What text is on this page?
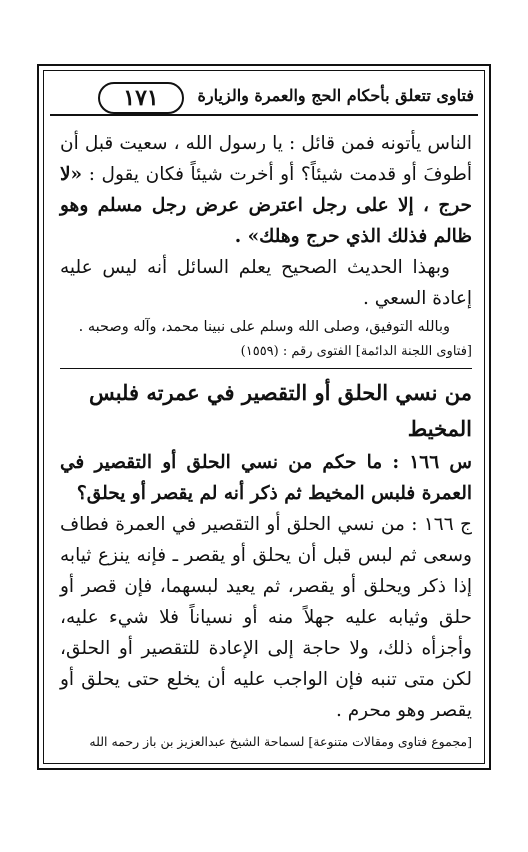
فتاوى تتعلق بأحكام الحج والعمرة والزيارة
١٧١

الناس يأتونه فمن قائل : يا رسول الله ، سعيت قبل أن أطوفَ أو قدمت شيئاً؟ أو أخرت شيئاً فكان يقول : «لا حرج ، إلا على رجل اعترض عرض رجل مسلم وهو ظالم فذلك الذي حرج وهلك» .

وبهذا الحديث الصحيح يعلم السائل أنه ليس عليه إعادة السعي .

وبالله التوفيق، وصلى الله وسلم على نبينا محمد، وآله وصحبه .

[فتاوى اللجنة الدائمة] الفتوى رقم : (١٥٥٩)

من نسي الحلق أو التقصير في عمرته فلبس المخيط

س ١٦٦ : ما حكم من نسي الحلق أو التقصير في العمرة فلبس المخيط ثم ذكر أنه لم يقصر أو يحلق؟

ج ١٦٦ : من نسي الحلق أو التقصير في العمرة فطاف وسعى ثم لبس قبل أن يحلق أو يقصر ـ فإنه ينزع ثيابه إذا ذكر ويحلق أو يقصر، ثم يعيد لبسهما، فإن قصر أو حلق وثيابه عليه جهلاً منه أو نسياناً فلا شيء عليه، وأجزأه ذلك، ولا حاجة إلى الإعادة للتقصير أو الحلق، لكن متى تنبه فإن الواجب عليه أن يخلع حتى يحلق أو يقصر وهو محرم .

[مجموع فتاوى ومقالات متنوعة] لسماحة الشيخ عبدالعزيز بن باز رحمه الله
